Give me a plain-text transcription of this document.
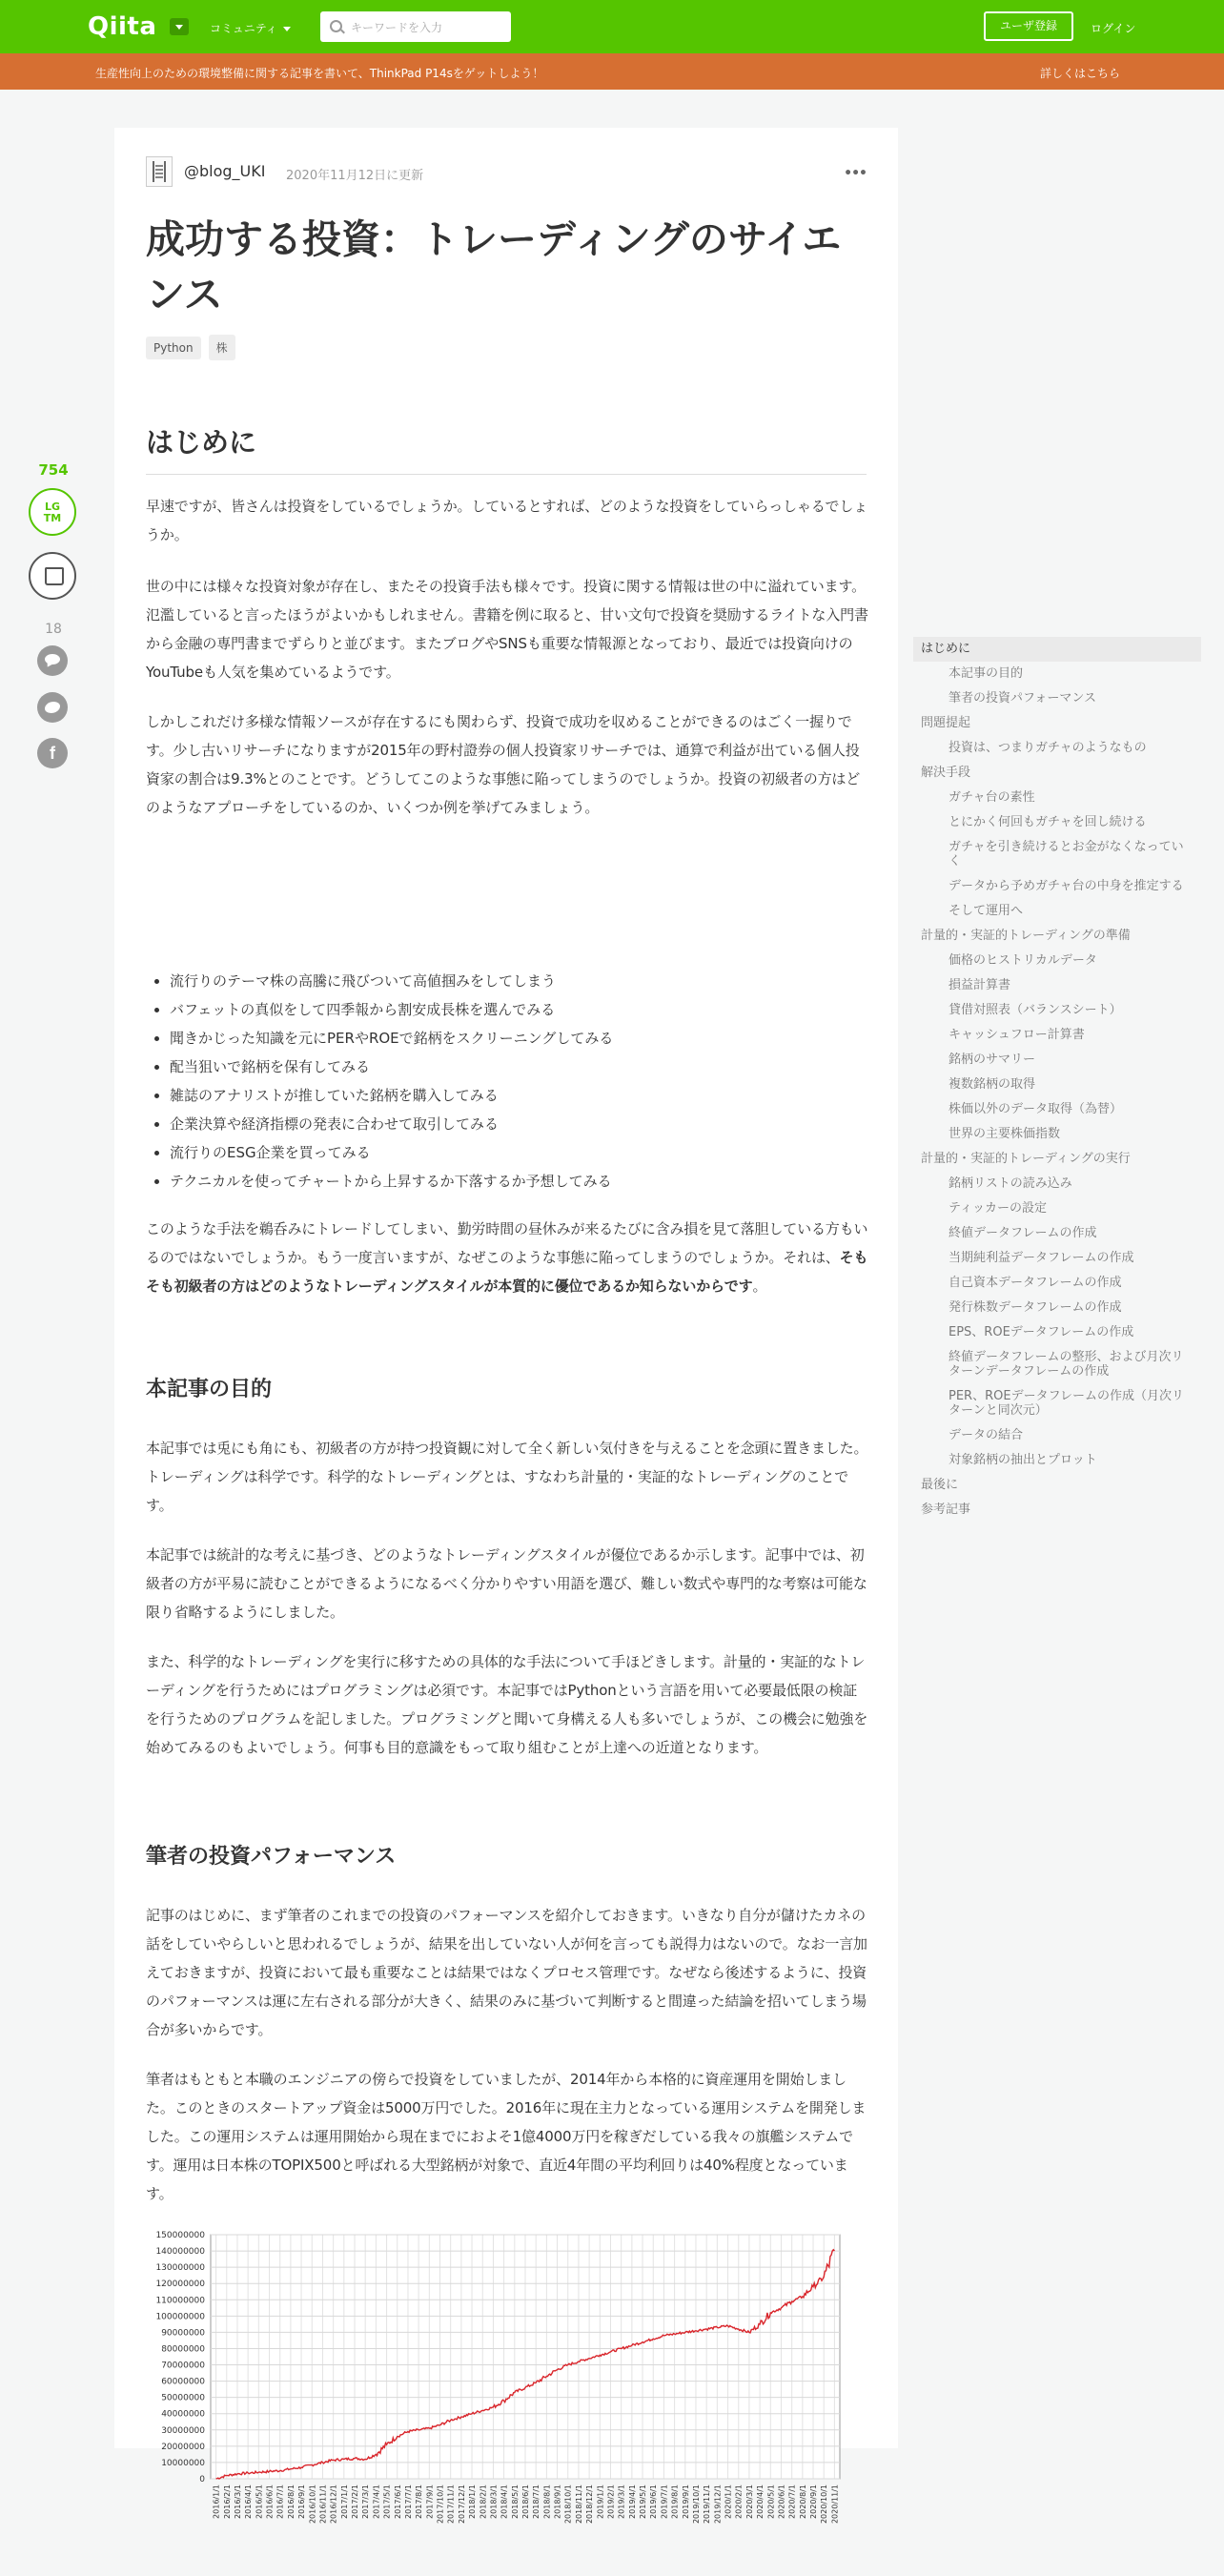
Qiita	コミュニティ
キーワードを入力	ユーザ登録	ログイン
生産性向上のための環境整備に関する記事を書いて、ThinkPad P14sをゲットしよう！	詳しくはこちら
754
LG TM
18
f
@blog_UKI 2020年11月12日に更新	•••
成功する投資：トレーディングのサイエンス
Python 株
はじめに

早速ですが、皆さんは投資をしているでしょうか。しているとすれば、どのような投資をしていらっしゃるでしょうか。

世の中には様々な投資対象が存在し、またその投資手法も様々です。投資に関する情報は世の中に溢れています。氾濫していると言ったほうがよいかもしれません。書籍を例に取ると、甘い文句で投資を奨励するライトな入門書から金融の専門書までずらりと並びます。またブログやSNSも重要な情報源となっており、最近では投資向けのYouTubeも人気を集めているようです。

しかしこれだけ多様な情報ソースが存在するにも関わらず、投資で成功を収めることができるのはごく一握りです。少し古いリサーチになりますが2015年の野村證券の個人投資家リサーチでは、通算で利益が出ている個人投資家の割合は9.3%とのことです。どうしてこのような事態に陥ってしまうのでしょうか。投資の初級者の方はどのようなアプローチをしているのか、いくつか例を挙げてみましょう。

• 流行りのテーマ株の高騰に飛びついて高値掴みをしてしまう
• バフェットの真似をして四季報から割安成長株を選んでみる
• 聞きかじった知識を元にPERやROEで銘柄をスクリーニングしてみる
• 配当狙いで銘柄を保有してみる
• 雑誌のアナリストが推していた銘柄を購入してみる
• 企業決算や経済指標の発表に合わせて取引してみる
• 流行りのESG企業を買ってみる
• テクニカルを使ってチャートから上昇するか下落するか予想してみる

このような手法を鵜呑みにトレードしてしまい、勤労時間の昼休みが来るたびに含み損を見て落胆している方もいるのではないでしょうか。もう一度言いますが、なぜこのような事態に陥ってしまうのでしょうか。それは、そもそも初級者の方はどのようなトレーディングスタイルが本質的に優位であるか知らないからです。

本記事の目的

本記事では兎にも角にも、初級者の方が持つ投資観に対して全く新しい気付きを与えることを念頭に置きました。トレーディングは科学です。科学的なトレーディングとは、すなわち計量的・実証的なトレーディングのことです。

本記事では統計的な考えに基づき、どのようなトレーディングスタイルが優位であるか示します。記事中では、初級者の方が平易に読むことができるようになるべく分かりやすい用語を選び、難しい数式や専門的な考察は可能な限り省略するようにしました。

また、科学的なトレーディングを実行に移すための具体的な手法について手ほどきします。計量的・実証的なトレーディングを行うためにはプログラミングは必須です。本記事ではPythonという言語を用いて必要最低限の検証を行うためのプログラムを記しました。プログラミングと聞いて身構える人も多いでしょうが、この機会に勉強を始めてみるのもよいでしょう。何事も目的意識をもって取り組むことが上達への近道となります。

筆者の投資パフォーマンス

記事のはじめに、まず筆者のこれまでの投資のパフォーマンスを紹介しておきます。いきなり自分が儲けたカネの話をしていやらしいと思われるでしょうが、結果を出していない人が何を言っても説得力はないので。なお一言加えておきますが、投資において最も重要なことは結果ではなくプロセス管理です。なぜなら後述するように、投資のパフォーマンスは運に左右される部分が大きく、結果のみに基づいて判断すると間違った結論を招いてしまう場合が多いからです。

筆者はもともと本職のエンジニアの傍らで投資をしていましたが、2014年から本格的に資産運用を開始しました。このときのスタートアップ資金は5000万円でした。2016年に現在主力となっている運用システムを開発しました。この運用システムは運用開始から現在までにおよそ1億4000万円を稼ぎだしている我々の旗艦システムです。運用は日本株のTOPIX500と呼ばれる大型銘柄が対象で、直近4年間の平均利回りは40%程度となっています。

0
10000000
20000000
30000000
40000000
50000000
60000000
70000000
80000000
90000000
100000000
110000000
120000000
130000000
140000000
150000000
2016/1/1 2016/2/1 2016/3/1 2016/4/1 2016/5/1 2016/6/1 2016/7/1 2016/8/1 2016/9/1 2016/10/1 2016/11/1 2016/12/1 2017/1/1 2017/2/1 2017/3/1 2017/4/1 2017/5/1 2017/6/1 2017/7/1 2017/8/1 2017/9/1 2017/10/1 2017/11/1 2017/12/1 2018/1/1 2018/2/1 2018/3/1 2018/4/1 2018/5/1 2018/6/1 2018/7/1 2018/8/1 2018/9/1 2018/10/1 2018/11/1 2018/12/1 2019/1/1 2019/2/1 2019/3/1 2019/4/1 2019/5/1 2019/6/1 2019/7/1 2019/8/1 2019/9/1 2019/10/1 2019/11/1 2019/12/1 2020/1/1 2020/2/1 2020/3/1 2020/4/1 2020/5/1 2020/6/1 2020/7/1 2020/8/1 2020/9/1 2020/10/1 2020/11/1
はじめに
本記事の目的
筆者の投資パフォーマンス
問題提起
投資は、つまりガチャのようなもの
解決手段
ガチャ台の素性
とにかく何回もガチャを回し続ける
ガチャを引き続けるとお金がなくなっていく
データから予めガチャ台の中身を推定する
そして運用へ
計量的・実証的トレーディングの準備
価格のヒストリカルデータ
損益計算書
貸借対照表（バランスシート）
キャッシュフロー計算書
銘柄のサマリー
複数銘柄の取得
株価以外のデータ取得（為替）
世界の主要株価指数
計量的・実証的トレーディングの実行
銘柄リストの読み込み
ティッカーの設定
終値データフレームの作成
当期純利益データフレームの作成
自己資本データフレームの作成
発行株数データフレームの作成
EPS、ROEデータフレームの作成
終値データフレームの整形、および月次リターンデータフレームの作成
PER、ROEデータフレームの作成（月次リターンと同次元）
データの結合
対象銘柄の抽出とプロット
最後に
参考記事
